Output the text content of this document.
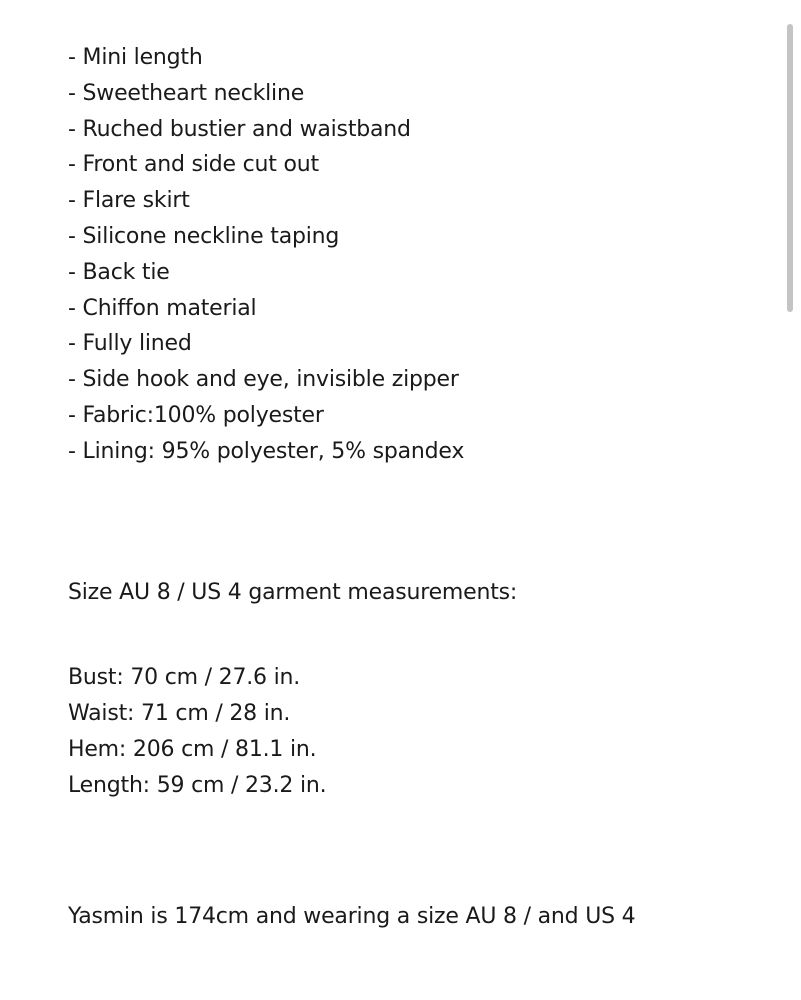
- Mini length
- Sweetheart neckline
- Ruched bustier and waistband
- Front and side cut out
- Flare skirt
- Silicone neckline taping
- Back tie
- Chiffon material
- Fully lined
- Side hook and eye, invisible zipper
- Fabric:100% polyester
- Lining: 95% polyester, 5% spandex
Size AU 8 / US 4 garment measurements:
Bust: 70 cm / 27.6 in.
Waist: 71 cm / 28 in.
Hem: 206 cm / 81.1 in.
Length: 59 cm / 23.2 in.
Yasmin is 174cm and wearing a size AU 8 / and US 4
